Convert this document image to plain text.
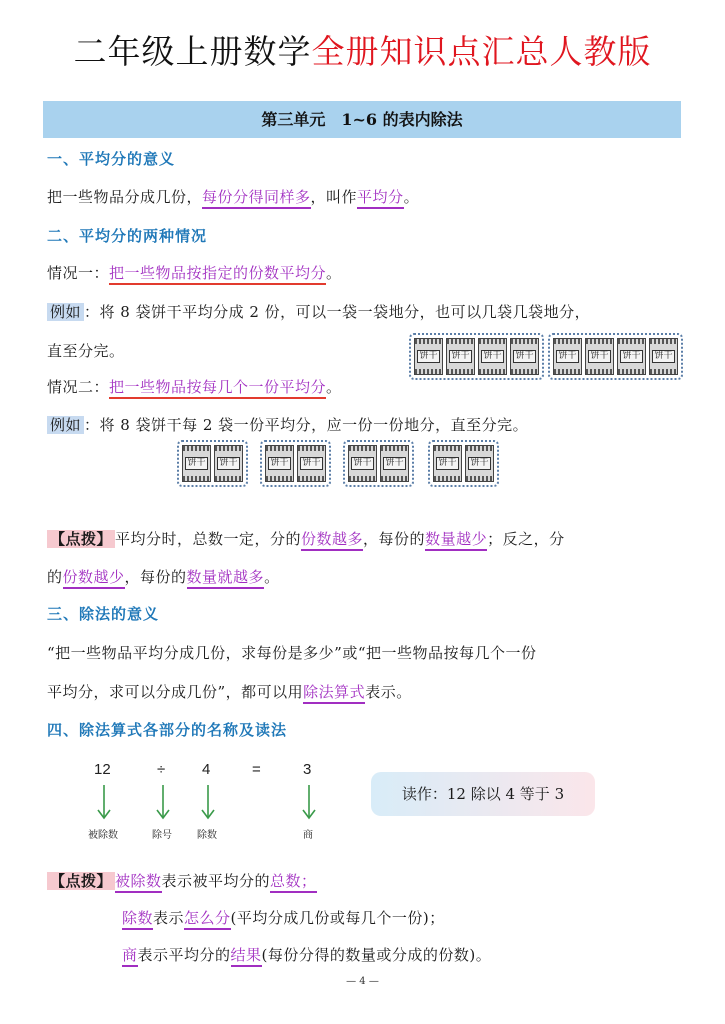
二年级上册数学全册知识点汇总人教版
第三单元　1~6 的表内除法
一、平均分的意义
把一些物品分成几份，每份分得同样多，叫作平均分。
二、平均分的两种情况
情况一：把一些物品按指定的份数平均分。
例如 ：将 8 袋饼干平均分成 2 份，可以一袋一袋地分，也可以几袋几袋地分，
直至分完。
情况二：把一些物品按每几个一份平均分。
饼干 饼干 饼干 饼干	饼干 饼干 饼干 饼干
例如 ：将 8 袋饼干每 2 袋一份平均分，应一份一份地分，直至分完。
饼干 饼干	饼干 饼干	饼干 饼干	饼干 饼干
【点拨】 平均分时，总数一定，分的份数越多，每份的数量越少；反之，分
的份数越少，每份的数量就越多。
三、除法的意义
“把一些物品平均分成几份，求每份是多少”或“把一些物品按每几个一份
平均分，求可以分成几份”，都可以用除法算式表示。
四、除法算式各部分的名称及读法
12	÷ 4	=	3
被除数	除号	除数	商
读作：12 除以 4 等于 3
【点拨】 被除数表示被平均分的总数；
除数表示怎么分(平均分成几份或每几个一份)；
商表示平均分的结果(每份分得的数量或分成的份数)。
— 4 —
